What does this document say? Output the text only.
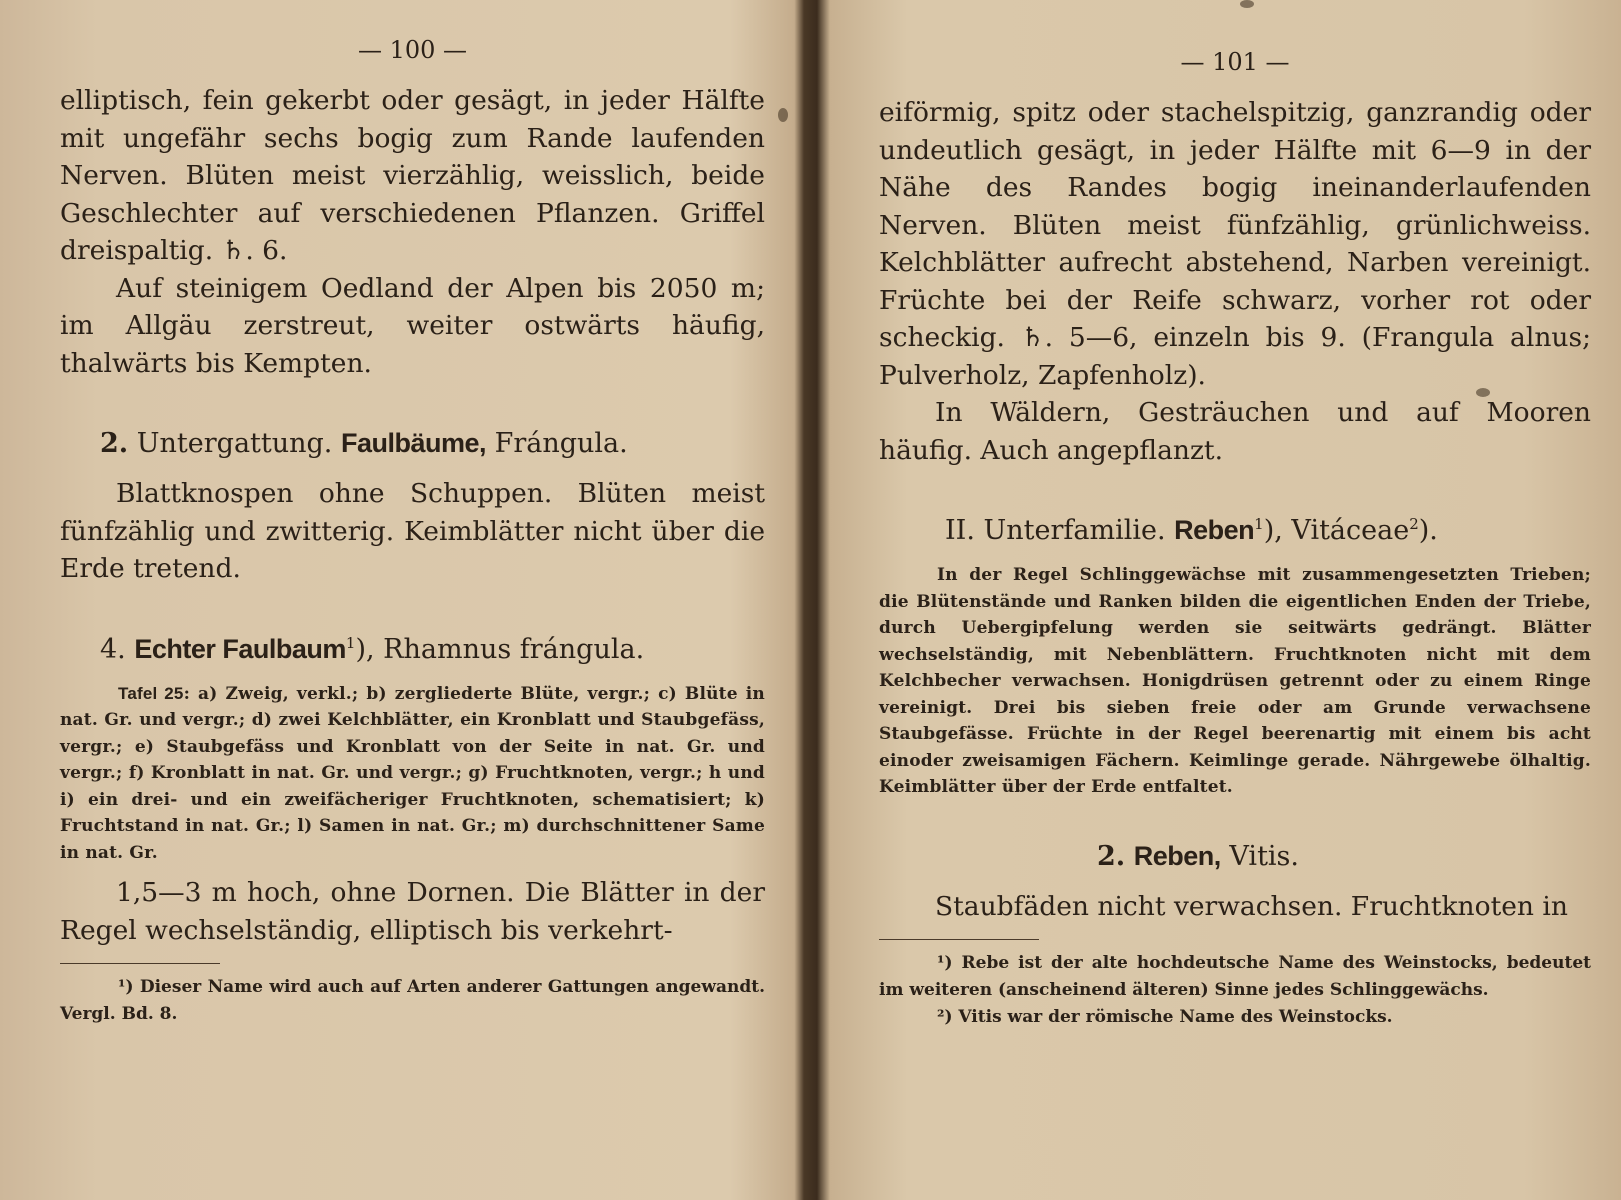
— 100 —

elliptisch, fein gekerbt oder gesägt, in jeder Hälfte mit ungefähr sechs bogig zum Rande laufenden Nerven. Blüten meist vierzählig, weisslich, beide Geschlechter auf verschiedenen Pflanzen. Griffel dreispaltig. ♄. 6.

Auf steinigem Oedland der Alpen bis 2050 m; im Allgäu zerstreut, weiter ostwärts häufig, thalwärts bis Kempten.

2. Untergattung. Faulbäume, Frángula.

Blattknospen ohne Schuppen. Blüten meist fünfzählig und zwitterig. Keimblätter nicht über die Erde tretend.

4. Echter Faulbaum$^1$), Rhamnus frángula.

Tafel 25: a) Zweig, verkl.; b) zergliederte Blüte, vergr.; c) Blüte in nat. Gr. und vergr.; d) zwei Kelchblätter, ein Kronblatt und Staubgefäss, vergr.; e) Staubgefäss und Kronblatt von der Seite in nat. Gr. und vergr.; f) Kronblatt in nat. Gr. und vergr.; g) Fruchtknoten, vergr.; h und i) ein drei- und ein zweifächeriger Fruchtknoten, schematisiert; k) Fruchtstand in nat. Gr.; l) Samen in nat. Gr.; m) durchschnittener Same in nat. Gr.

1,5—3 m hoch, ohne Dornen. Die Blätter in der Regel wechselständig, elliptisch bis verkehrt-

¹) Dieser Name wird auch auf Arten anderer Gattungen angewandt. Vergl. Bd. 8.

— 101 —

eiförmig, spitz oder stachelspitzig, ganzrandig oder undeutlich gesägt, in jeder Hälfte mit 6—9 in der Nähe des Randes bogig ineinanderlaufenden Nerven. Blüten meist fünfzählig, grünlichweiss. Kelchblätter aufrecht abstehend, Narben vereinigt. Früchte bei der Reife schwarz, vorher rot oder scheckig. ♄. 5—6, einzeln bis 9. (Frangula alnus; Pulverholz, Zapfenholz).

In Wäldern, Gesträuchen und auf Mooren häufig. Auch angepflanzt.

II. Unterfamilie. Reben$^1$), Vitáceae$^2$).

In der Regel Schlinggewächse mit zusammengesetzten Trieben; die Blütenstände und Ranken bilden die eigentlichen Enden der Triebe, durch Uebergipfelung werden sie seitwärts gedrängt. Blätter wechselständig, mit Nebenblättern. Fruchtknoten nicht mit dem Kelchbecher verwachsen. Honigdrüsen getrennt oder zu einem Ringe vereinigt. Drei bis sieben freie oder am Grunde verwachsene Staubgefässe. Früchte in der Regel beerenartig mit einem bis acht einoder zweisamigen Fächern. Keimlinge gerade. Nährgewebe ölhaltig. Keimblätter über der Erde entfaltet.

2. Reben, Vitis.

Staubfäden nicht verwachsen. Fruchtknoten in

¹) Rebe ist der alte hochdeutsche Name des Weinstocks, bedeutet im weiteren (anscheinend älteren) Sinne jedes Schlinggewächs.

²) Vitis war der römische Name des Weinstocks.
